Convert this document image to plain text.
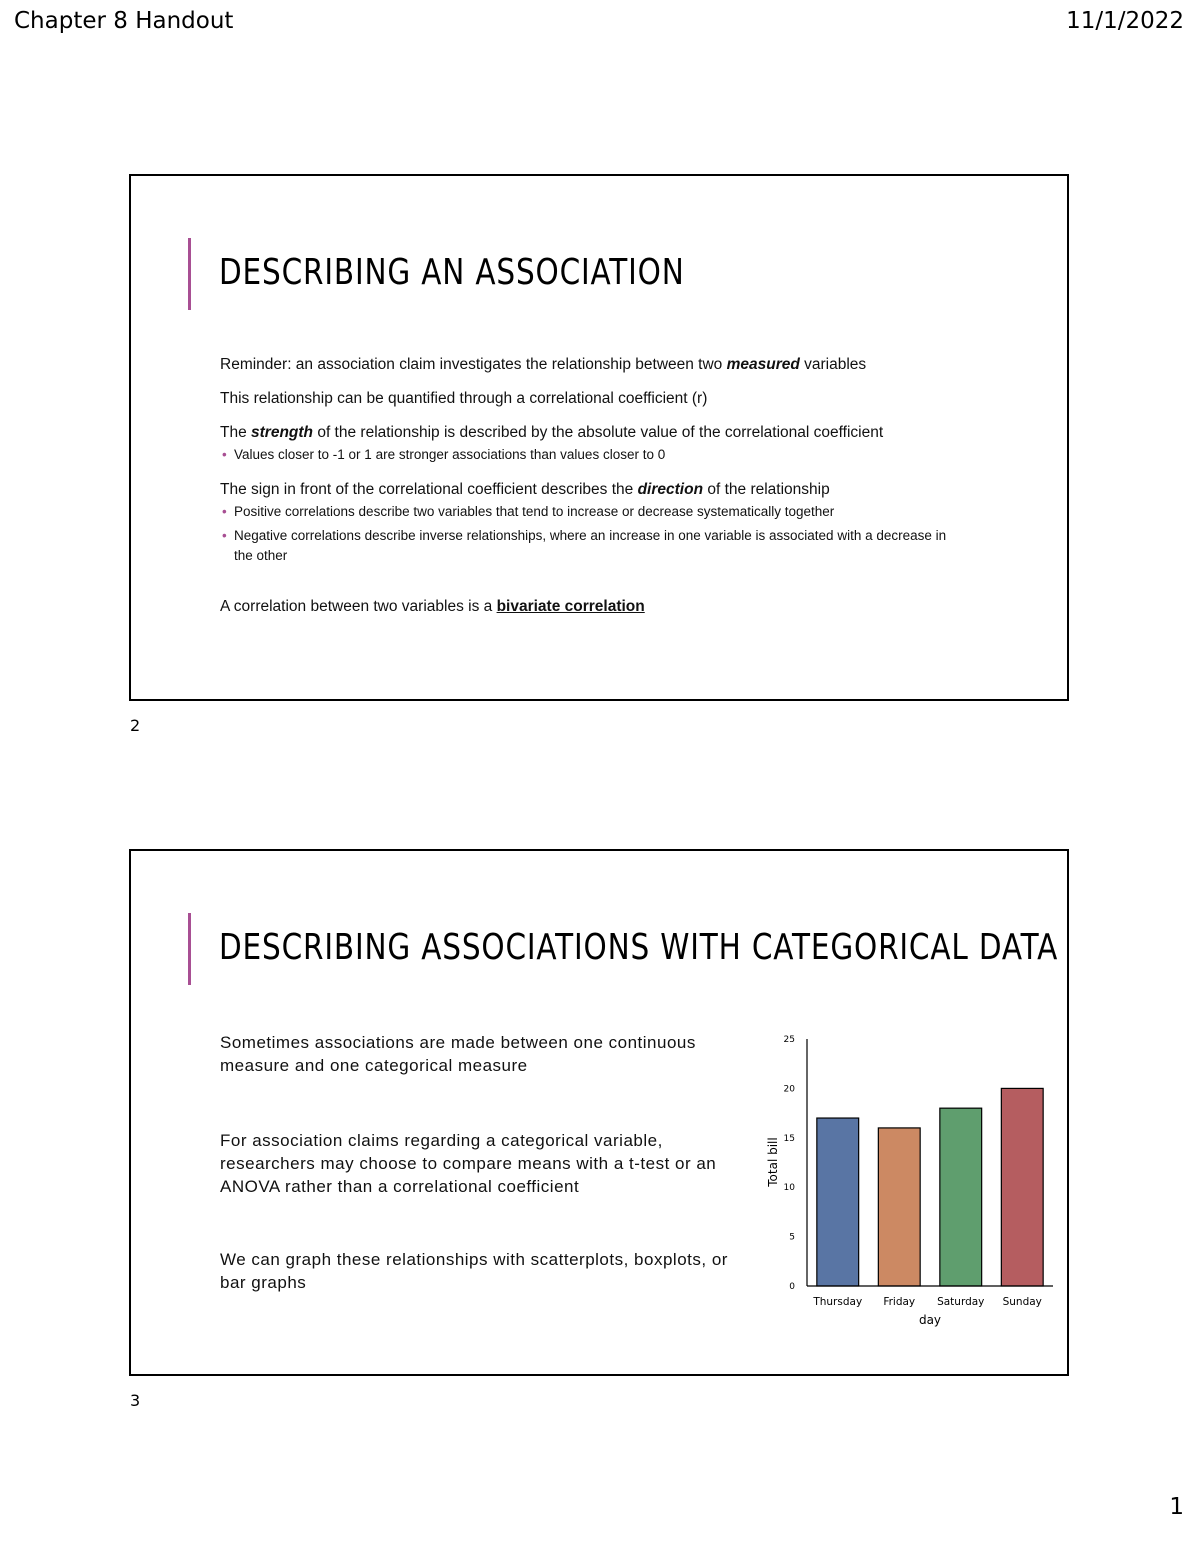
Chapter 8 Handout	11/1/2022
DESCRIBING AN ASSOCIATION

Reminder: an association claim investigates the relationship between two measured variables

This relationship can be quantified through a correlational coefficient (r)

The strength of the relationship is described by the absolute value of the correlational coefficient

• Values closer to -1 or 1 are stronger associations than values closer to 0

The sign in front of the correlational coefficient describes the direction of the relationship

• Positive correlations describe two variables that tend to increase or decrease systematically together
• Negative correlations describe inverse relationships, where an increase in one variable is associated with a decrease in the other

A correlation between two variables is a bivariate correlation

2
DESCRIBING ASSOCIATIONS WITH CATEGORICAL DATA

Sometimes associations are made between one continuous measure and one categorical measure

For association claims regarding a categorical variable, researchers may choose to compare means with a t-test or an ANOVA rather than a correlational coefficient

We can graph these relationships with scatterplots, boxplots, or bar graphs	0
5
10
15
20
25
Thursday Friday Saturday Sunday
day
Total bill
3
1
